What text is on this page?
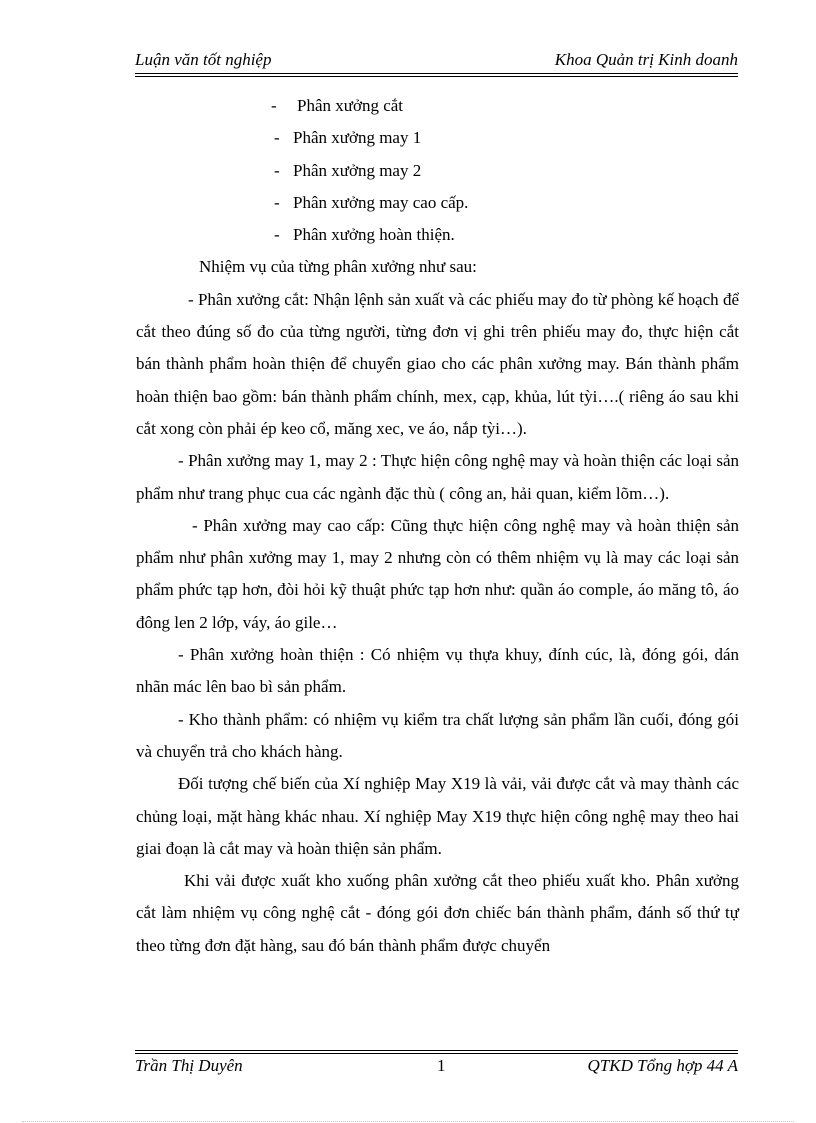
Luận văn tốt nghiệp	Khoa Quản trị Kinh doanh
- Phân xưởng cắt
- Phân xưởng may 1
- Phân xưởng may 2
- Phân xưởng may cao cấp.
- Phân xưởng hoàn thiện.

Nhiệm vụ của từng phân xưởng như sau:

- Phân xưởng cắt: Nhận lệnh sản xuất và các phiếu may đo từ phòng kế hoạch để cắt theo đúng số đo của từng người, từng đơn vị ghi trên phiếu may đo, thực hiện cắt bán thành phẩm hoàn thiện để chuyển giao cho các phân xưởng may. Bán thành phẩm hoàn thiện bao gồm: bán thành phẩm chính, mex, cạp, khủa, lút tỳi….( riêng áo sau khi cắt xong còn phải ép keo cổ, măng xec, ve áo, nắp tỳi…).

- Phân xưởng may 1, may 2 : Thực hiện công nghệ may và hoàn thiện các loại sản phẩm như trang phục cua các ngành đặc thù ( công an, hải quan, kiểm lõm…).

- Phân xưởng may cao cấp: Cũng thực hiện công nghệ may và hoàn thiện sản phẩm như phân xưởng may 1, may 2 nhưng còn có thêm nhiệm vụ là may các loại sản phẩm phức tạp hơn, đòi hỏi kỹ thuật phức tạp hơn như: quần áo comple, áo măng tô, áo đông len 2 lớp, váy, áo gile…

- Phân xưởng hoàn thiện : Có nhiệm vụ thựa khuy, đính cúc, là, đóng gói, dán nhãn mác lên bao bì sản phẩm.

- Kho thành phẩm: có nhiệm vụ kiểm tra chất lượng sản phẩm lần cuối, đóng gói và chuyển trả cho khách hàng.

Đối tượng chế biến của Xí nghiệp May X19 là vải, vải được cắt và may thành các chủng loại, mặt hàng khác nhau. Xí nghiệp May X19 thực hiện công nghệ may theo hai giai đoạn là cắt may và hoàn thiện sản phẩm.

Khi vải được xuất kho xuống phân xưởng cắt theo phiếu xuất kho. Phân xưởng cắt làm nhiệm vụ công nghệ cắt - đóng gói đơn chiếc bán thành phẩm, đánh số thứ tự theo từng đơn đặt hàng, sau đó bán thành phẩm được chuyển

Trần Thị Duyên	1	QTKD Tổng hợp 44 A
